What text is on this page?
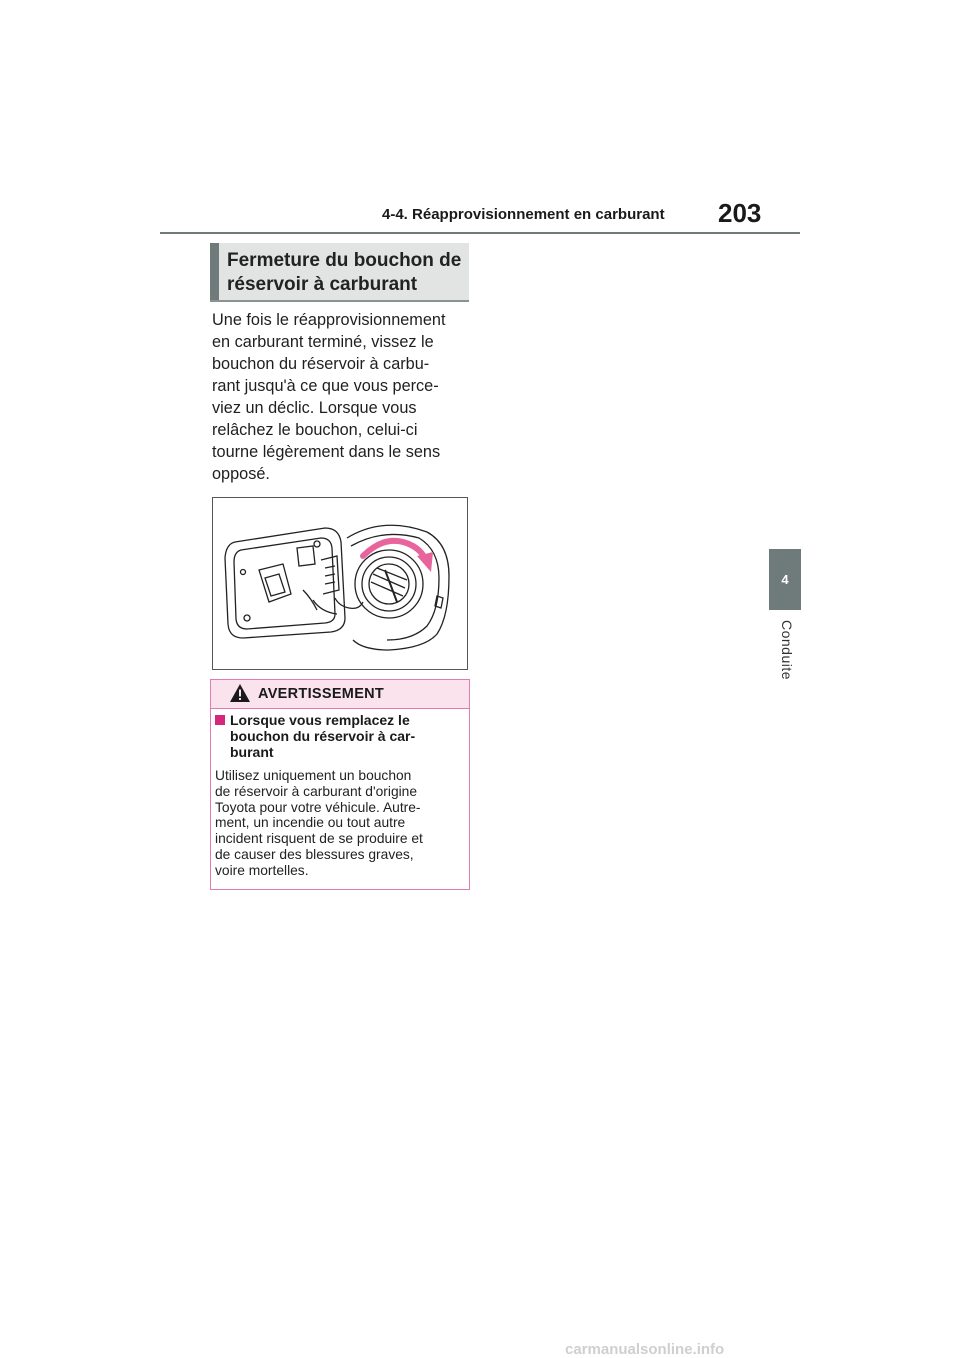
4-4. Réapprovisionnement en carburant 203
4
Conduite
Fermeture du bouchon de
réservoir à carburant
Une fois le réapprovisionnement
en carburant terminé, vissez le
bouchon du réservoir à carbu-
rant jusqu'à ce que vous perce-
viez un déclic. Lorsque vous
relâchez le bouchon, celui-ci
tourne légèrement dans le sens
opposé.
AVERTISSEMENT
Lorsque vous remplacez le
bouchon du réservoir à car-
burant
Utilisez uniquement un bouchon
de réservoir à carburant d'origine
Toyota pour votre véhicule. Autre-
ment, un incendie ou tout autre
incident risquent de se produire et
de causer des blessures graves,
voire mortelles.
carmanualsonline.info
